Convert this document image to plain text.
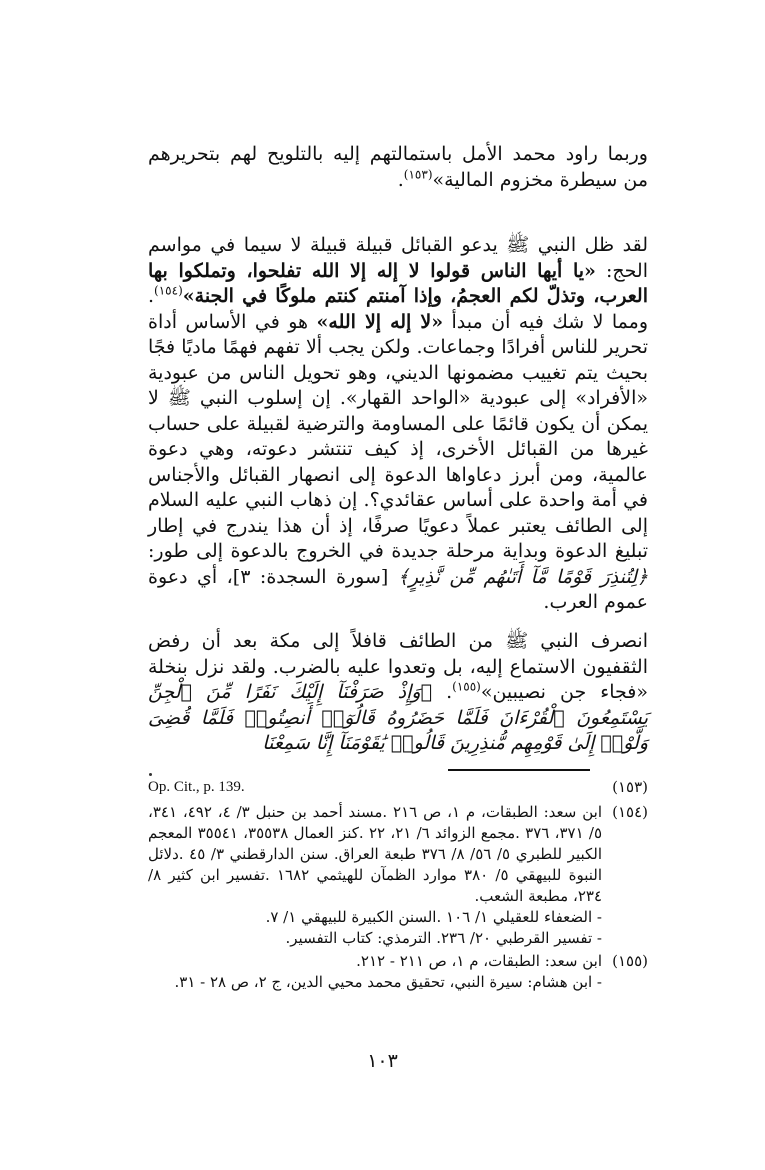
وربما راود محمد الأمل باستمالتهم إليه بالتلويح لهم بتحريرهم من سيطرة مخزوم المالية»$^{(١٥٣)}$.
لقد ظل النبي ﷺ يدعو القبائل قبيلة قبيلة لا سيما في مواسم الحج: «يا أيها الناس قولوا لا إله إلا الله تفلحوا، وتملكوا بها العرب، وتذلّ لكم العجمُ، وإذا آمنتم كنتم ملوكًا في الجنة»$^{(١٥٤)}$. ومما لا شك فيه أن مبدأ «لا إله إلا الله» هو في الأساس أداة تحرير للناس أفرادًا وجماعات. ولكن يجب ألا تفهم فهمًا ماديًا فجًا بحيث يتم تغييب مضمونها الديني، وهو تحويل الناس من عبودية «الأفراد» إلى عبودية «الواحد القهار». إن إسلوب النبي ﷺ لا يمكن أن يكون قائمًا على المساومة والترضية لقبيلة على حساب غيرها من القبائل الأخرى، إذ كيف تنتشر دعوته، وهي دعوة عالمية، ومن أبرز دعاواها الدعوة إلى انصهار القبائل والأجناس في أمة واحدة على أساس عقائدي؟. إن ذهاب النبي عليه السلام إلى الطائف يعتبر عملاً دعويًا صرفًا، إذ أن هذا يندرج في إطار تبليغ الدعوة وبداية مرحلة جديدة في الخروج بالدعوة إلى طور: ﴿لِتُنذِرَ قَوْمًا مَّآ أَتَىٰهُم مِّن نَّذِيرٍ﴾ [سورة السجدة: ٣]، أي دعوة عموم العرب.
انصرف النبي ﷺ من الطائف قافلاً إلى مكة بعد أن رفض الثقفيون الاستماع إليه، بل وتعدوا عليه بالضرب. ولقد نزل بنخلة «فجاء جن نصيبين»$^{(١٥٥)}$. ﴿وَإِذْ صَرَفْنَآ إِلَيْكَ نَفَرًا مِّنَ ٱلْجِنِّ يَسْتَمِعُونَ ٱلْقُرْءَانَ فَلَمَّا حَضَرُوهُ قَالُوٓا۟ أَنصِتُوا۟ فَلَمَّا قُضِىَ وَلَّوْا۟ إِلَىٰ قَوْمِهِم مُّنذِرِينَ قَالُوا۟ يَٰقَوْمَنَآ إِنَّا سَمِعْنَا
(١٥٣)
Op. Cit., p. 139.
(١٥٤)
ابن سعد: الطبقات، م ١، ص ٢١٦ .مسند أحمد بن حنبل ٣/ ٤، ٤٩٢، ٣٤١، ٥/ ٣٧١، ٣٧٦ .مجمع الزوائد ٦/ ٢١، ٢٢ .كنز العمال ٣٥٥٣٨، ٣٥٥٤١ المعجم الكبير للطبري ٥/ ٥٦/ ٨/ ٣٧٦ طبعة العراق. سنن الدارقطني ٣/ ٤٥ .دلائل النبوة للبيهقي ٥/ ٣٨٠ موارد الظمآن للهيثمي ١٦٨٢ .تفسير ابن كثير ٨/ ٢٣٤، مطبعة الشعب.
- الضعفاء للعقيلي ١/ ١٠٦ .السنن الكبيرة للبيهقي ١/ ٧.
- تفسير القرطبي ٢٠/ ٢٣٦. الترمذي: كتاب التفسير.
(١٥٥)
ابن سعد: الطبقات، م ١، ص ٢١١ - ٢١٢.
- ابن هشام: سيرة النبي، تحقيق محمد محيي الدين، ج ٢، ص ٢٨ - ٣١.
١٠٣
